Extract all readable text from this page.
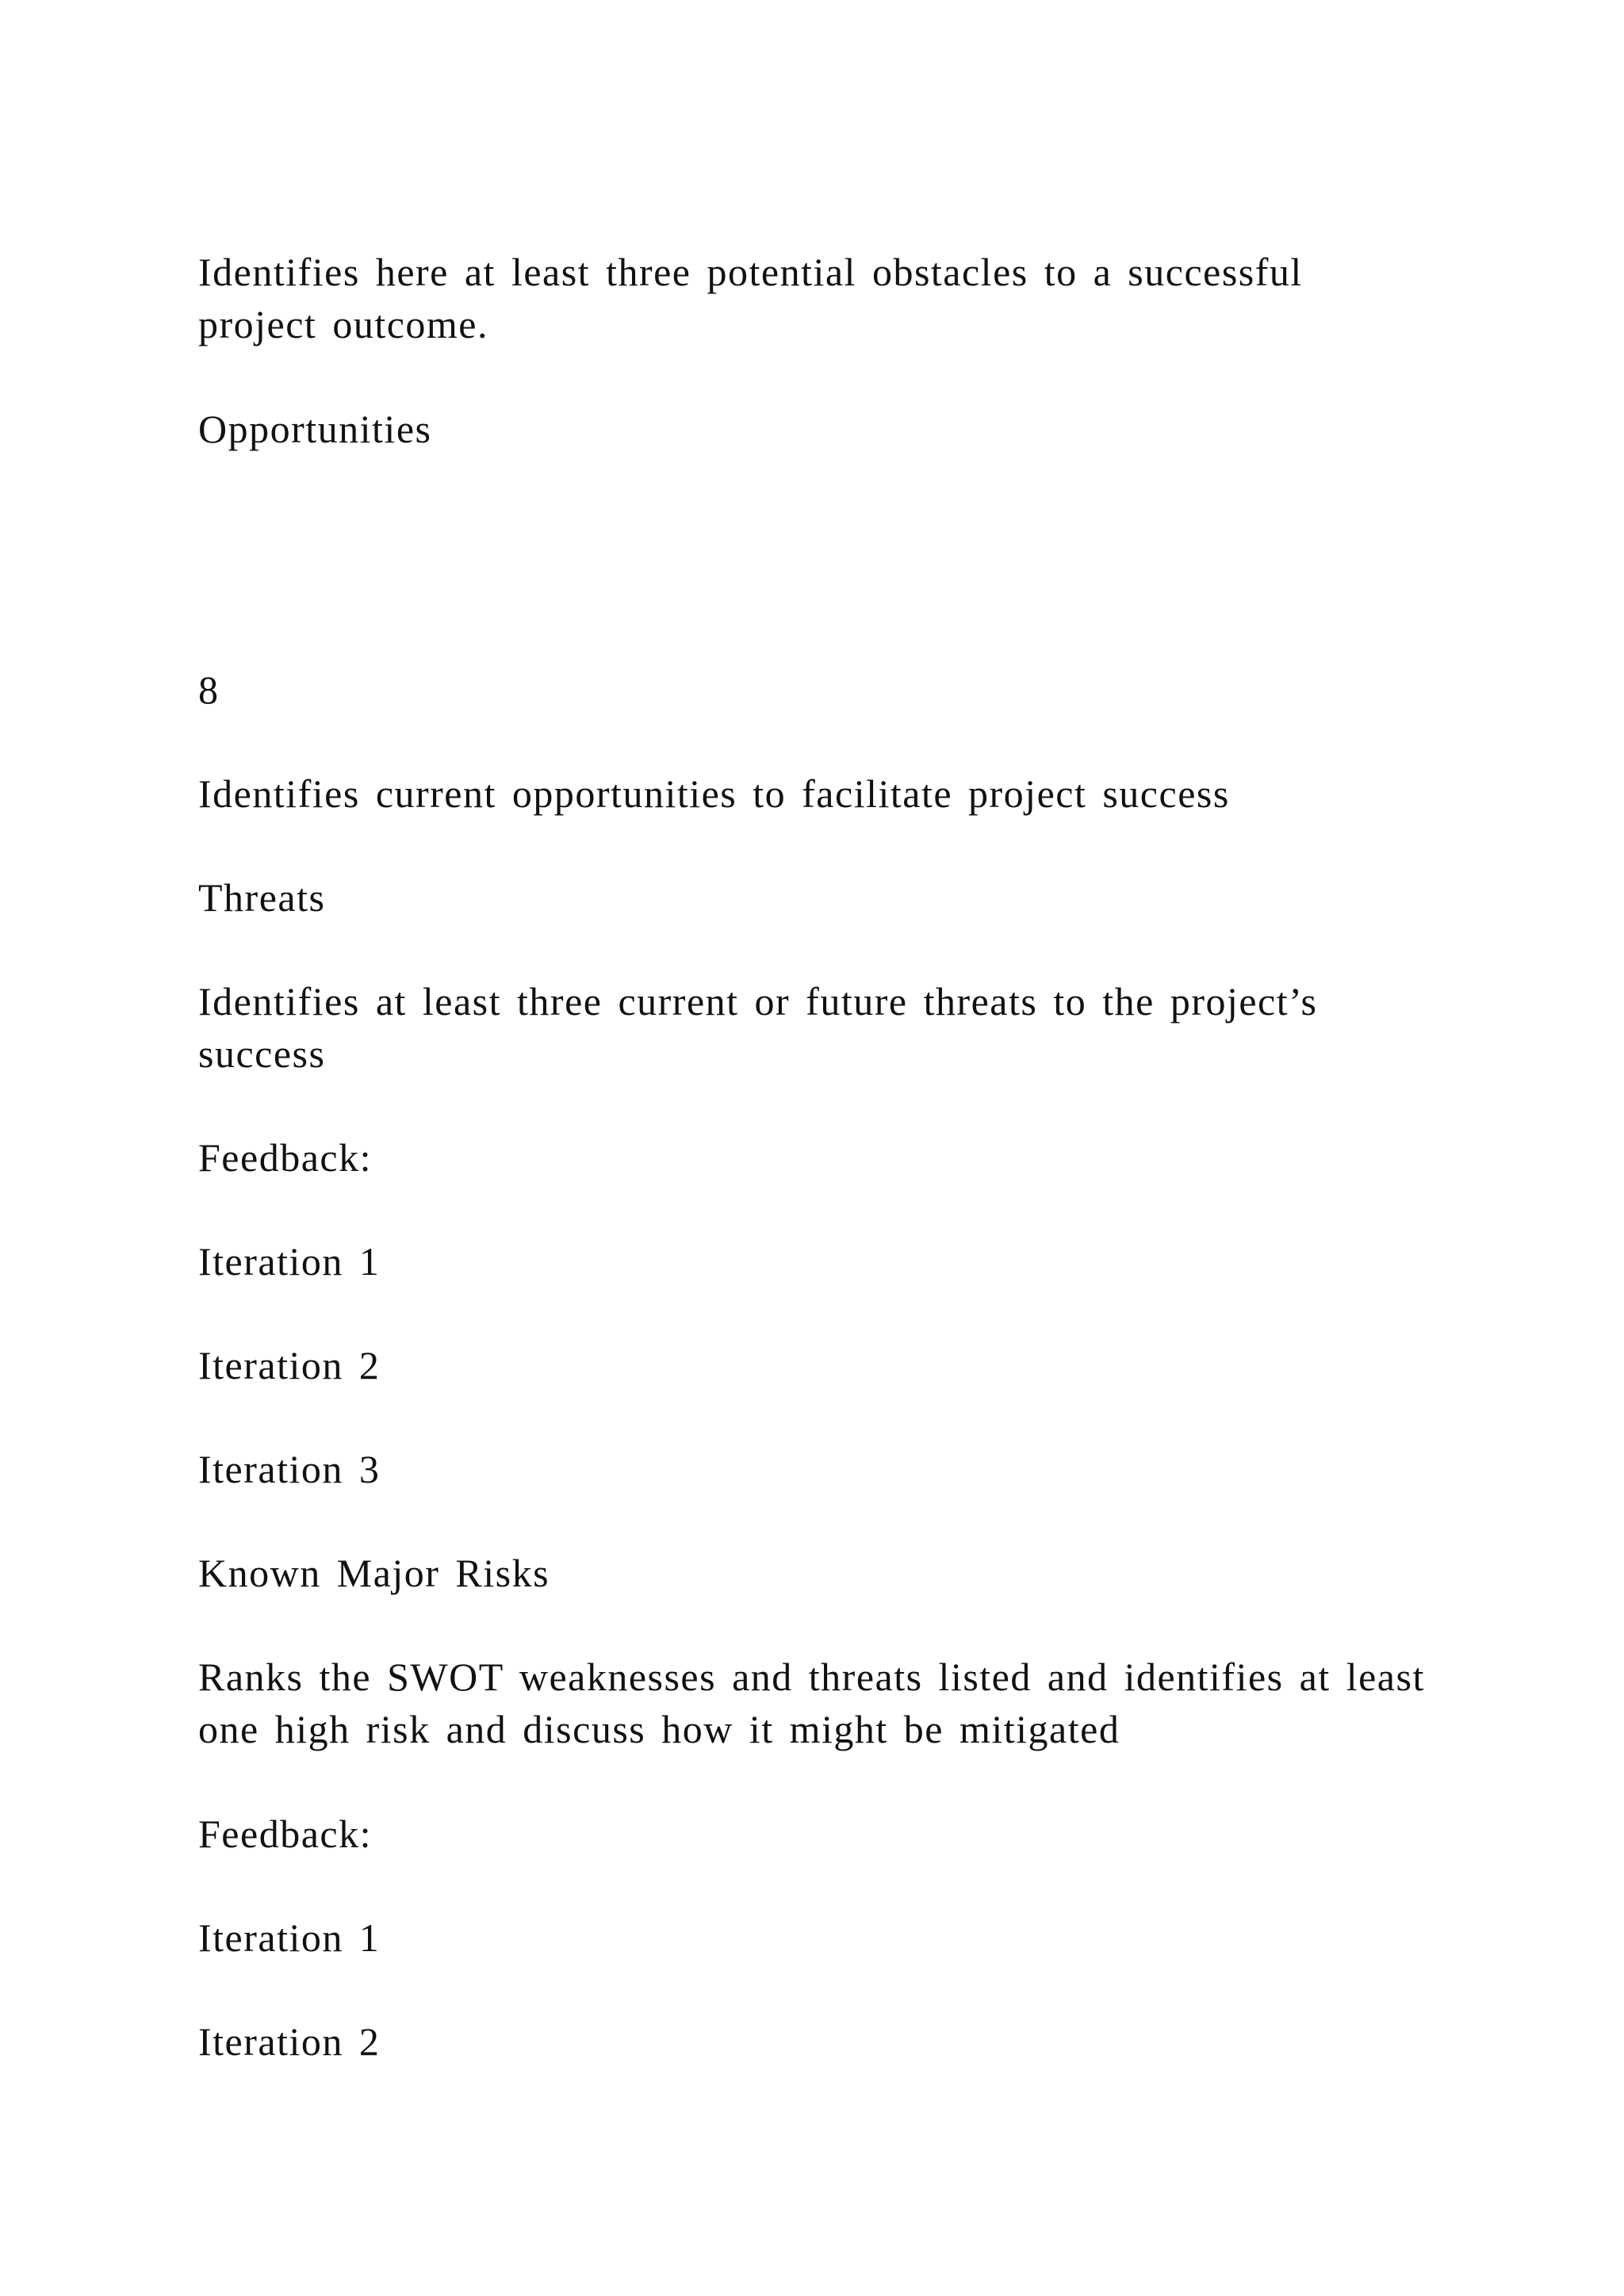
Identifies here at least three potential obstacles to a successful project outcome.

Opportunities

8

Identifies current opportunities to facilitate project success

Threats

Identifies at least three current or future threats to the project’s success

Feedback:

Iteration 1

Iteration 2

Iteration 3

Known Major Risks

Ranks the SWOT weaknesses and threats listed and identifies at least one high risk and discuss how it might be mitigated

Feedback:

Iteration 1

Iteration 2
